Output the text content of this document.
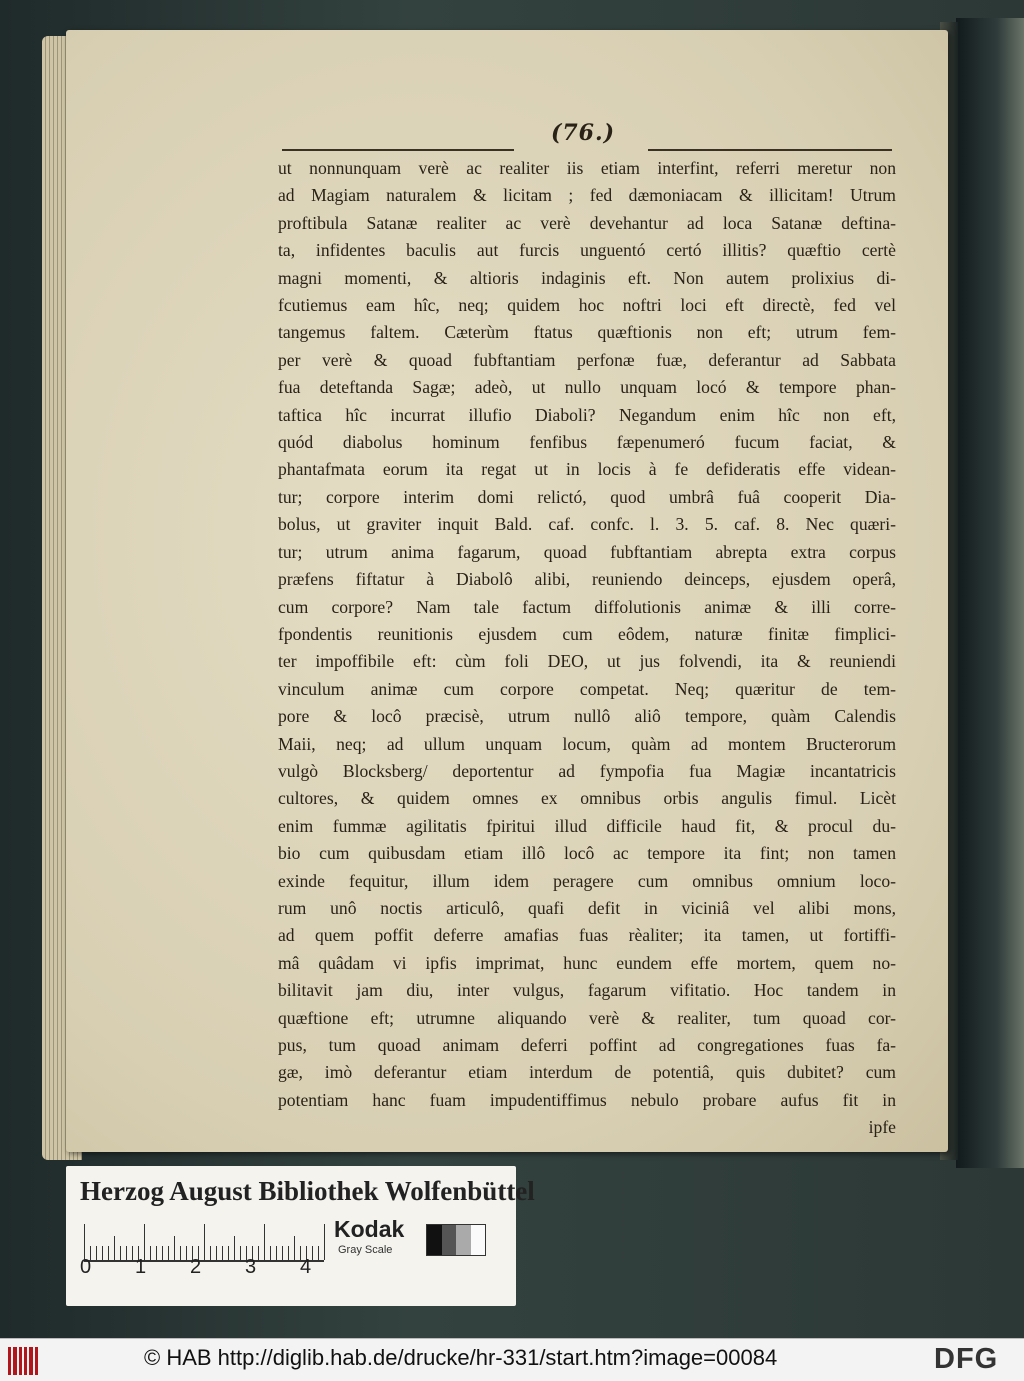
(76.)
ut nonnunquam verè ac realiter iis etiam interfint, referri meretur non
ad Magiam naturalem & licitam ; fed dæmoniacam & illicitam! Utrum
proftibula Satanæ realiter ac verè devehantur ad loca Satanæ deftina-
ta, infidentes baculis aut furcis unguentó certó illitis? quæftio certè
magni momenti, & altioris indaginis eft. Non autem prolixius di-
fcutiemus eam hîc, neq; quidem hoc noftri loci eft directè, fed vel
tangemus faltem. Cæterùm ftatus quæftionis non eft; utrum fem-
per verè & quoad fubftantiam perfonæ fuæ, deferantur ad Sabbata
fua deteftanda Sagæ; adeò, ut nullo unquam locó & tempore phan-
taftica hîc incurrat illufio Diaboli? Negandum enim hîc non eft,
quód diabolus hominum fenfibus fæpenumeró fucum faciat, &
phantafmata eorum ita regat ut in locis à fe defideratis effe videan-
tur; corpore interim domi relictó, quod umbrâ fuâ cooperit Dia-
bolus, ut graviter inquit Bald. caf. confc. l. 3. 5. caf. 8. Nec quæri-
tur; utrum anima fagarum, quoad fubftantiam abrepta extra corpus
præfens fiftatur à Diabolô alibi, reuniendo deinceps, ejusdem operâ,
cum corpore? Nam tale factum diffolutionis animæ & illi corre-
fpondentis reunitionis ejusdem cum eôdem, naturæ finitæ fimplici-
ter impoffibile eft: cùm foli DEO, ut jus folvendi, ita & reuniendi
vinculum animæ cum corpore competat. Neq; quæritur de tem-
pore & locô præcisè, utrum nullô aliô tempore, quàm Calendis
Maii, neq; ad ullum unquam locum, quàm ad montem Bructerorum
vulgò Blocksberg/ deportentur ad fympofia fua Magiæ incantatricis
cultores, & quidem omnes ex omnibus orbis angulis fimul. Licèt
enim fummæ agilitatis fpiritui illud difficile haud fit, & procul du-
bio cum quibusdam etiam illô locô ac tempore ita fint; non tamen
exinde fequitur, illum idem peragere cum omnibus omnium loco-
rum unô noctis articulô, quafi defit in viciniâ vel alibi mons,
ad quem poffit deferre amafias fuas rèaliter; ita tamen, ut fortiffi-
mâ quâdam vi ipfis imprimat, hunc eundem effe mortem, quem no-
bilitavit jam diu, inter vulgus, fagarum vifitatio. Hoc tandem in
quæftione eft; utrumne aliquando verè & realiter, tum quoad cor-
pus, tum quoad animam deferri poffint ad congregationes fuas fa-
gæ, imò deferantur etiam interdum de potentiâ, quis dubitet? cum
potentiam hanc fuam impudentiffimus nebulo probare aufus fit in
ipfe
Herzog August Bibliothek Wolfenbüttel
Kodak
Gray Scale
0 1 2 3 4
© HAB http://diglib.hab.de/drucke/hr-331/start.htm?image=00084	DFG
